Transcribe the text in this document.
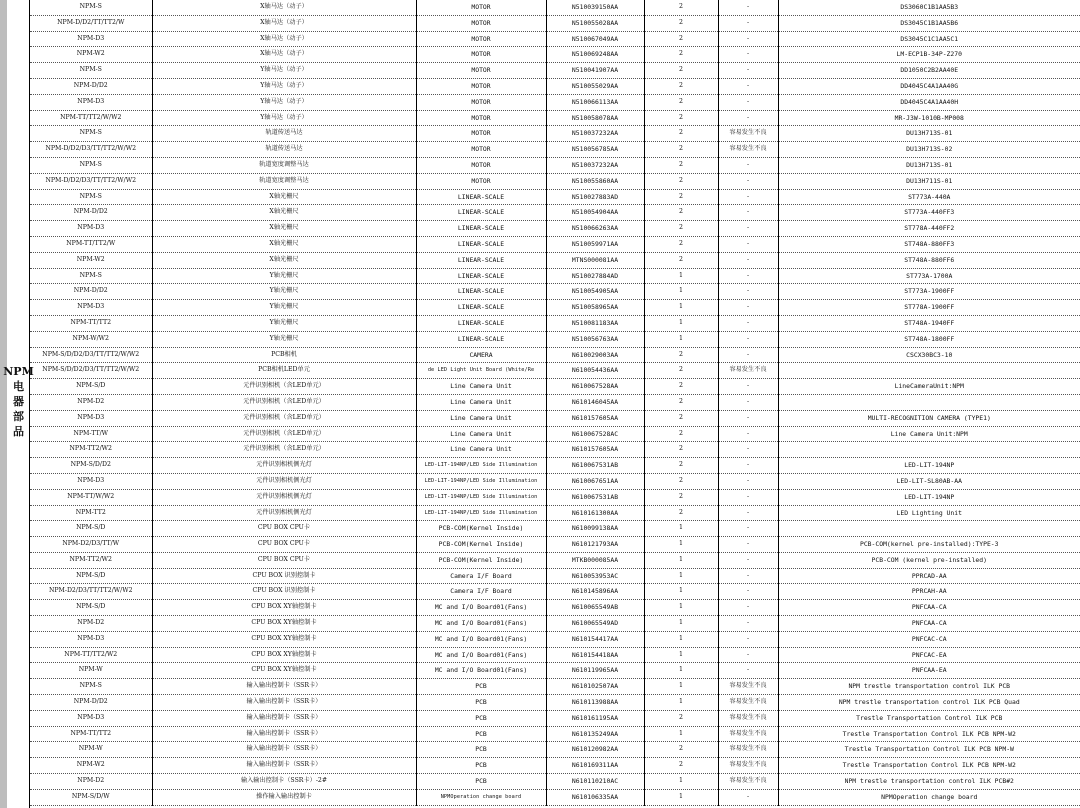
NPM
电
器
部
品
NPM-S	X轴马达（动子）	MOTOR	N510039150AA	2	-	DS3060C1B1AA5B3
NPM-D/D2/TT/TT2/W	X轴马达（动子）	MOTOR	N510055028AA	2	-	DS3045C1B1AA5B6
NPM-D3	X轴马达（动子）	MOTOR	N510067049AA	2	-	DS3045C1C1AA5C1
NPM-W2	X轴马达（动子）	MOTOR	N510069248AA	2	-	LM-ECP1B-34P-Z270
NPM-S	Y轴马达（动子）	MOTOR	N510041907AA	2	-	DD1050C2B2AA40E
NPM-D/D2	Y轴马达（动子）	MOTOR	N510055029AA	2	-	DD4045C4A1AA40G
NPM-D3	Y轴马达（动子）	MOTOR	N510066113AA	2	-	DD4045C4A1AA40H
NPM-TT/TT2/W/W2	Y轴马达（动子）	MOTOR	N510058078AA	2	-	MR-J3W-1010B-MP008
NPM-S	轨道传送马达	MOTOR	N510037232AA	2	容易发生不良	DU13H713S-01
NPM-D/D2/D3/TT/TT2/W/W2	轨道传送马达	MOTOR	N510056785AA	2	容易发生不良	DU13H713S-02
NPM-S	轨道宽度调整马达	MOTOR	N510037232AA	2	-	DU13H713S-01
NPM-D/D2/D3/TT/TT2/W/W2	轨道宽度调整马达	MOTOR	N510055860AA	2	-	DU13H711S-01
NPM-S	X轴光栅尺	LINEAR-SCALE	N510027883AD	2	-	ST773A-440A
NPM-D/D2	X轴光栅尺	LINEAR-SCALE	N510054904AA	2	-	ST773A-440FF3
NPM-D3	X轴光栅尺	LINEAR-SCALE	N510066263AA	2	-	ST778A-440FF2
NPM-TT/TT2/W	X轴光栅尺	LINEAR-SCALE	N510059971AA	2	-	ST748A-880FF3
NPM-W2	X轴光栅尺	LINEAR-SCALE	MTNS000081AA	2	-	ST748A-880FF6
NPM-S	Y轴光栅尺	LINEAR-SCALE	N510027884AD	1	-	ST773A-1700A
NPM-D/D2	Y轴光栅尺	LINEAR-SCALE	N510054905AA	1	-	ST773A-1900FF
NPM-D3	Y轴光栅尺	LINEAR-SCALE	N510058965AA	1	-	ST778A-1900FF
NPM-TT/TT2	Y轴光栅尺	LINEAR-SCALE	N510081183AA	1	-	ST748A-1940FF
NPM-W/W2	Y轴光栅尺	LINEAR-SCALE	N510056763AA	1	-	ST748A-1800FF
NPM-S/D/D2/D3/TT/TT2/W/W2	PCB相机	CAMERA	N610029003AA	2	-	CSCX30BC3-10
NPM-S/D/D2/D3/TT/TT2/W/W2	PCB相机LED单元	de LED Light Unit Board (White/Re	N610054436AA	2	容易发生不良	
NPM-S/D	元件识别相机（含LED单元）	Line Camera Unit	N610067528AA	2	-	LineCameraUnit:NPM
NPM-D2	元件识别相机（含LED单元）	Line Camera Unit	N610146045AA	2	-	
NPM-D3	元件识别相机（含LED单元）	Line Camera Unit	N610157605AA	2	-	MULTI-RECOGNITION CAMERA (TYPE1)
NPM-TT/W	元件识别相机（含LED单元）	Line Camera Unit	N610067528AC	2	-	Line Camera Unit:NPM
NPM-TT2/W2	元件识别相机（含LED单元）	Line Camera Unit	N610157605AA	2	-	
NPM-S/D/D2	元件识别相机侧光灯	LED-LIT-194NP/LED Side Illumination	N610067531AB	2	-	LED-LIT-194NP
NPM-D3	元件识别相机侧光灯	LED-LIT-194NP/LED Side Illumination	N610067651AA	2	-	LED-LIT-SL80AB-AA
NPM-TT/W/W2	元件识别相机侧光灯	LED-LIT-194NP/LED Side Illumination	N610067531AB	2	-	LED-LIT-194NP
NPM-TT2	元件识别相机侧光灯	LED-LIT-194NP/LED Side Illumination	N610161300AA	2	-	LED Lighting Unit
NPM-S/D	CPU BOX CPU卡	PCB-COM(Kernel Inside)	N610099138AA	1	-	
NPM-D2/D3/TT/W	CPU BOX CPU卡	PCB-COM(Kernel Inside)	N610121793AA	1	-	PCB-COM(kernel pre-installed):TYPE-3
NPM-TT2/W2	CPU BOX CPU卡	PCB-COM(Kernel Inside)	MTKB000085AA	1	-	PCB-COM (kernel pre-installed)
NPM-S/D	CPU BOX 识别控制卡	Camera I/F Board	N610053953AC	1	-	PPRCAD-AA
NPM-D2/D3/TT/TT2/W/W2	CPU BOX 识别控制卡	Camera I/F Board	N610145896AA	1	-	PPRCAH-AA
NPM-S/D	CPU BOX XY轴控制卡	MC and I/O Board01(Fans)	N610065549AB	1	-	PNFCAA-CA
NPM-D2	CPU BOX XY轴控制卡	MC and I/O Board01(Fans)	N610065549AD	1	-	PNFCAA-CA
NPM-D3	CPU BOX XY轴控制卡	MC and I/O Board01(Fans)	N610154417AA	1	-	PNFCAC-CA
NPM-TT/TT2/W2	CPU BOX XY轴控制卡	MC and I/O Board01(Fans)	N610154418AA	1	-	PNFCAC-EA
NPM-W	CPU BOX XY轴控制卡	MC and I/O Board01(Fans)	N610119965AA	1	-	PNFCAA-EA
NPM-S	输入输出控制卡（SSR卡）	PCB	N610102507AA	1	容易发生不良	NPM trestle transportation control ILK PCB
NPM-D/D2	输入输出控制卡（SSR卡）	PCB	N610113988AA	1	容易发生不良	NPM trestle transportation control ILK PCB Quad
NPM-D3	输入输出控制卡（SSR卡）	PCB	N610161195AA	2	容易发生不良	Trestle Transportation Control ILK PCB
NPM-TT/TT2	输入输出控制卡（SSR卡）	PCB	N610135249AA	1	容易发生不良	Trestle Transportation Control ILK PCB NPM-W2
NPM-W	输入输出控制卡（SSR卡）	PCB	N610120982AA	2	容易发生不良	Trestle Transportation Control ILK PCB NPM-W
NPM-W2	输入输出控制卡（SSR卡）	PCB	N610169311AA	2	容易发生不良	Trestle Transportation Control ILK PCB NPM-W2
NPM-D2	输入输出控制卡（SSR卡）-2#	PCB	N610110210AC	1	容易发生不良	NPM trestle transportation control ILK PCB#2
NPM-S/D/W	操作输入输出控制卡	NPMOperation change board	N610106335AA	1	-	NPMOperation change board
